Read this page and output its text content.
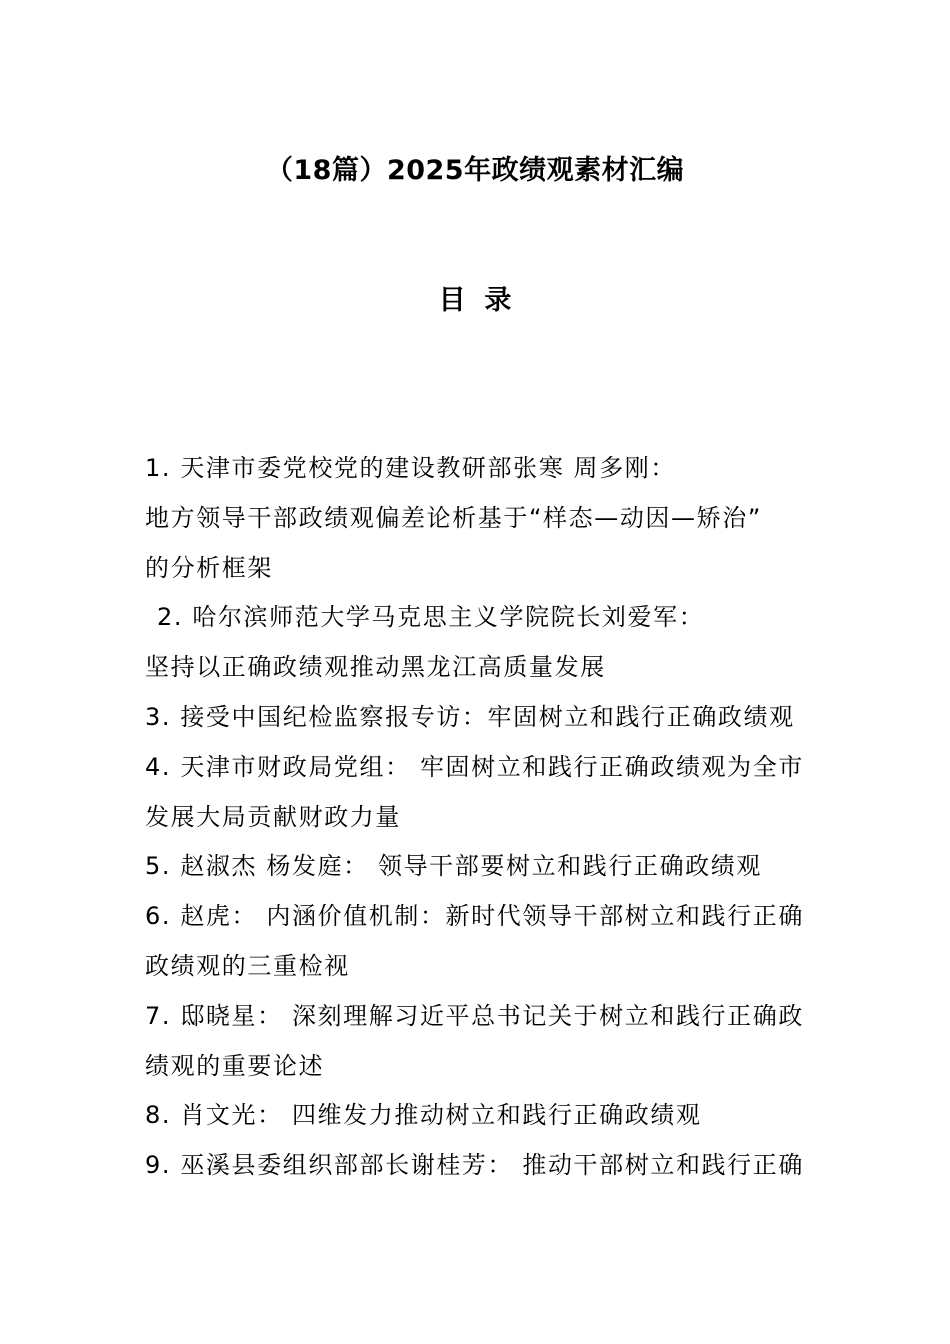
（18篇）2025年政绩观素材汇编
目  录
1. 天津市委党校党的建设教研部张寒 周多刚：
地方领导干部政绩观偏差论析基于“样态—动因—矫治”
的分析框架
2. 哈尔滨师范大学马克思主义学院院长刘爱军：
坚持以正确政绩观推动黑龙江高质量发展
3. 接受中国纪检监察报专访：牢固树立和践行正确政绩观
4. 天津市财政局党组： 牢固树立和践行正确政绩观为全市
发展大局贡献财政力量
5. 赵淑杰 杨发庭： 领导干部要树立和践行正确政绩观
6. 赵虎： 内涵价值机制：新时代领导干部树立和践行正确
政绩观的三重检视
7. 邸晓星： 深刻理解习近平总书记关于树立和践行正确政
绩观的重要论述
8. 肖文光： 四维发力推动树立和践行正确政绩观
9. 巫溪县委组织部部长谢桂芳： 推动干部树立和践行正确
